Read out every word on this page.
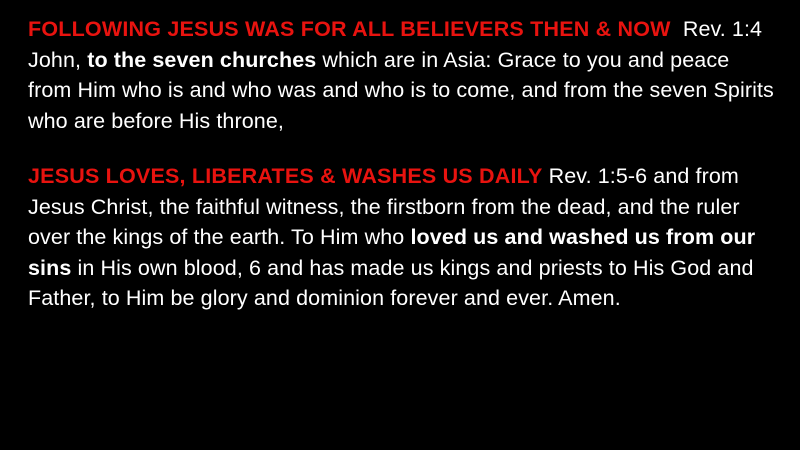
FOLLOWING JESUS WAS FOR ALL BELIEVERS THEN & NOW Rev. 1:4 John, to the seven churches which are in Asia: Grace to you and peace from Him who is and who was and who is to come, and from the seven Spirits who are before His throne,
JESUS LOVES, LIBERATES & WASHES US DAILY Rev. 1:5-6 and from Jesus Christ, the faithful witness, the firstborn from the dead, and the ruler over the kings of the earth. To Him who loved us and washed us from our sins in His own blood, 6 and has made us kings and priests to His God and Father, to Him be glory and dominion forever and ever. Amen.
